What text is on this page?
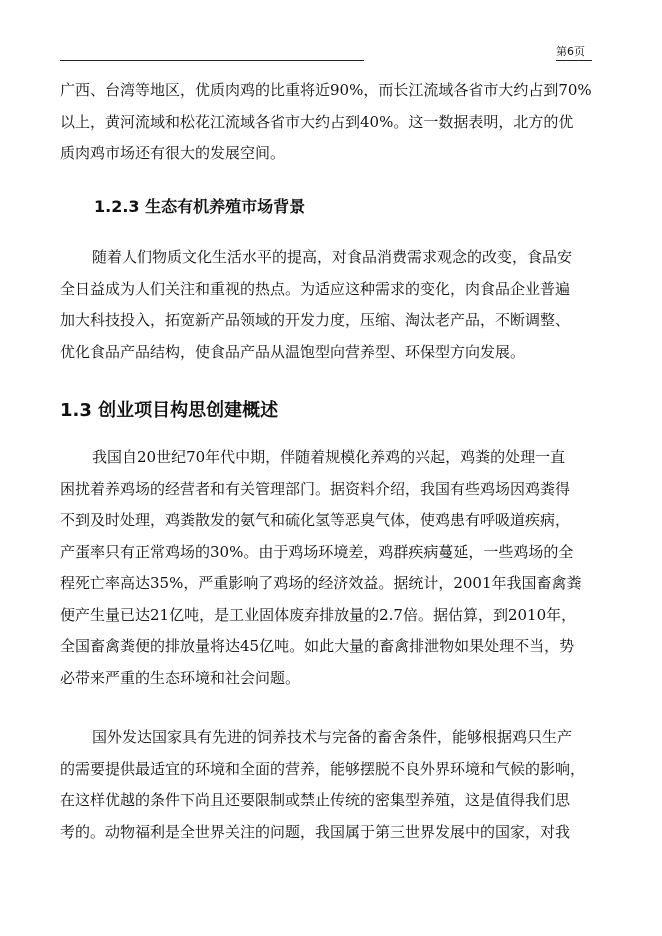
第6页

广西、台湾等地区，优质肉鸡的比重将近90%，而长江流域各省市大约占到70%
以上，黄河流域和松花江流域各省市大约占到40%。这一数据表明，北方的优
质肉鸡市场还有很大的发展空间。

1.2.3 生态有机养殖市场背景

随着人们物质文化生活水平的提高，对食品消费需求观念的改变，食品安
全日益成为人们关注和重视的热点。为适应这种需求的变化，肉食品企业普遍
加大科技投入，拓宽新产品领域的开发力度，压缩、淘汰老产品，不断调整、
优化食品产品结构，使食品产品从温饱型向营养型、环保型方向发展。

1.3 创业项目构思创建概述

我国自20世纪70年代中期，伴随着规模化养鸡的兴起，鸡粪的处理一直
困扰着养鸡场的经营者和有关管理部门。据资料介绍，我国有些鸡场因鸡粪得
不到及时处理，鸡粪散发的氨气和硫化氢等恶臭气体，使鸡患有呼吸道疾病，
产蛋率只有正常鸡场的30%。由于鸡场环境差，鸡群疾病蔓延，一些鸡场的全
程死亡率高达35%，严重影响了鸡场的经济效益。据统计，2001年我国畜禽粪
便产生量已达21亿吨，是工业固体废弃排放量的2.7倍。据估算，到2010年，
全国畜禽粪便的排放量将达45亿吨。如此大量的畜禽排泄物如果处理不当，势
必带来严重的生态环境和社会问题。

国外发达国家具有先进的饲养技术与完备的畜舍条件，能够根据鸡只生产
的需要提供最适宜的环境和全面的营养，能够摆脱不良外界环境和气候的影响，
在这样优越的条件下尚且还要限制或禁止传统的密集型养殖，这是值得我们思
考的。动物福利是全世界关注的问题，我国属于第三世界发展中的国家，对我
